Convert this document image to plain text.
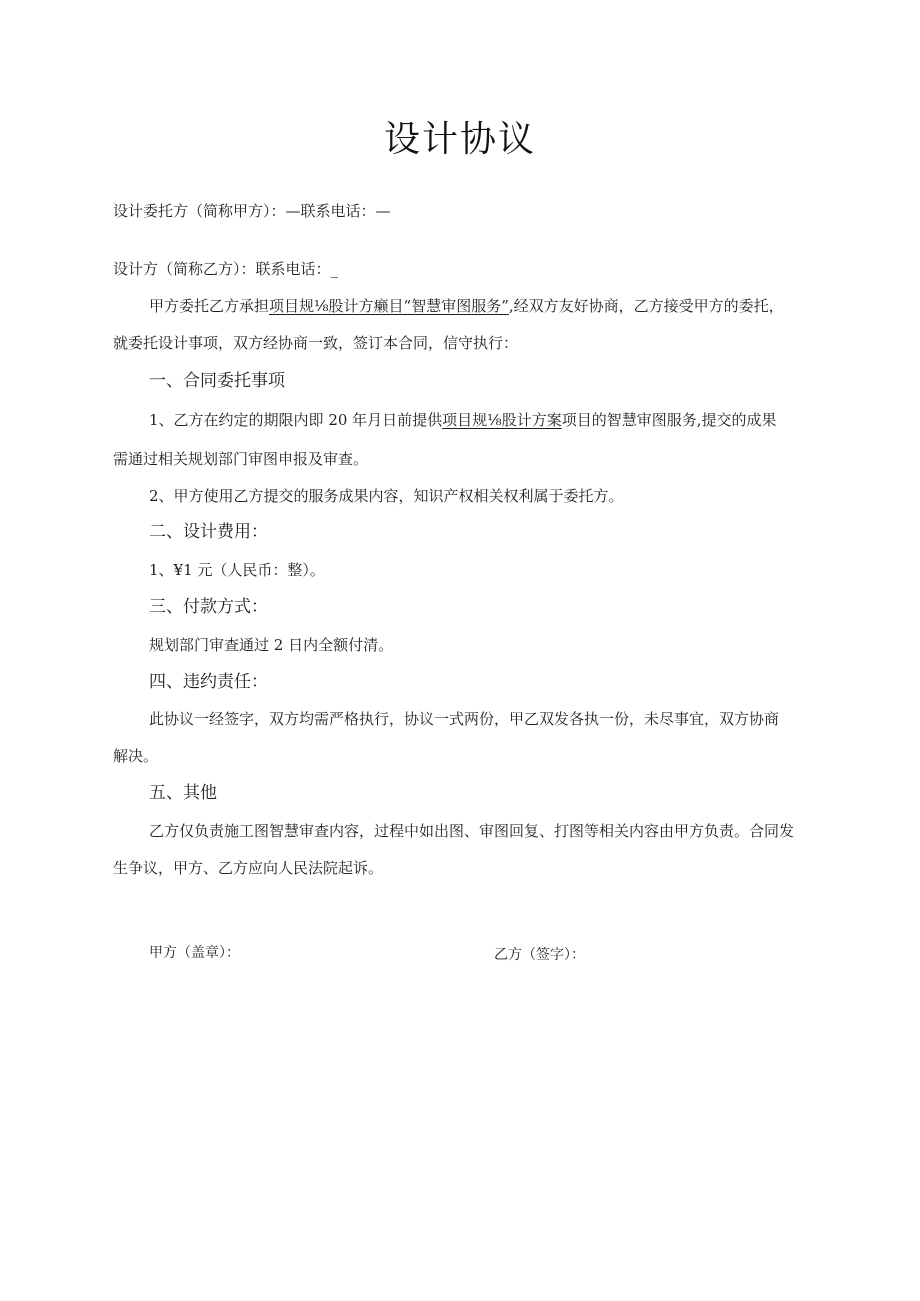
设计协议
设计委托方（简称甲方）：—联系电话：—
设计方（简称乙方）：联系电话：_
甲方委托乙方承担项目规⅛股计方癞目“智慧审图服务”,经双方友好协商，乙方接受甲方的委托，
就委托设计事项，双方经协商一致，签订本合同，信守执行：
一、合同委托事项
1、乙方在约定的期限内即 20 年月日前提供项目规⅛股计方案项目的智慧审图服务,提交的成果
需通过相关规划部门审图申报及审查。
2、甲方使用乙方提交的服务成果内容，知识产权相关权利属于委托方。
二、设计费用：
1、¥1 元（人民币：整）。
三、付款方式：
规划部门审查通过 2 日内全额付清。
四、违约责任：
此协议一经签字，双方均需严格执行，协议一式两份，甲乙双发各执一份，未尽事宜，双方协商
解决。
五、其他
乙方仅负责施工图智慧审查内容，过程中如出图、审图回复、打图等相关内容由甲方负责。合同发
生争议，甲方、乙方应向人民法院起诉。
甲方（盖章）：	乙方（签字）：
